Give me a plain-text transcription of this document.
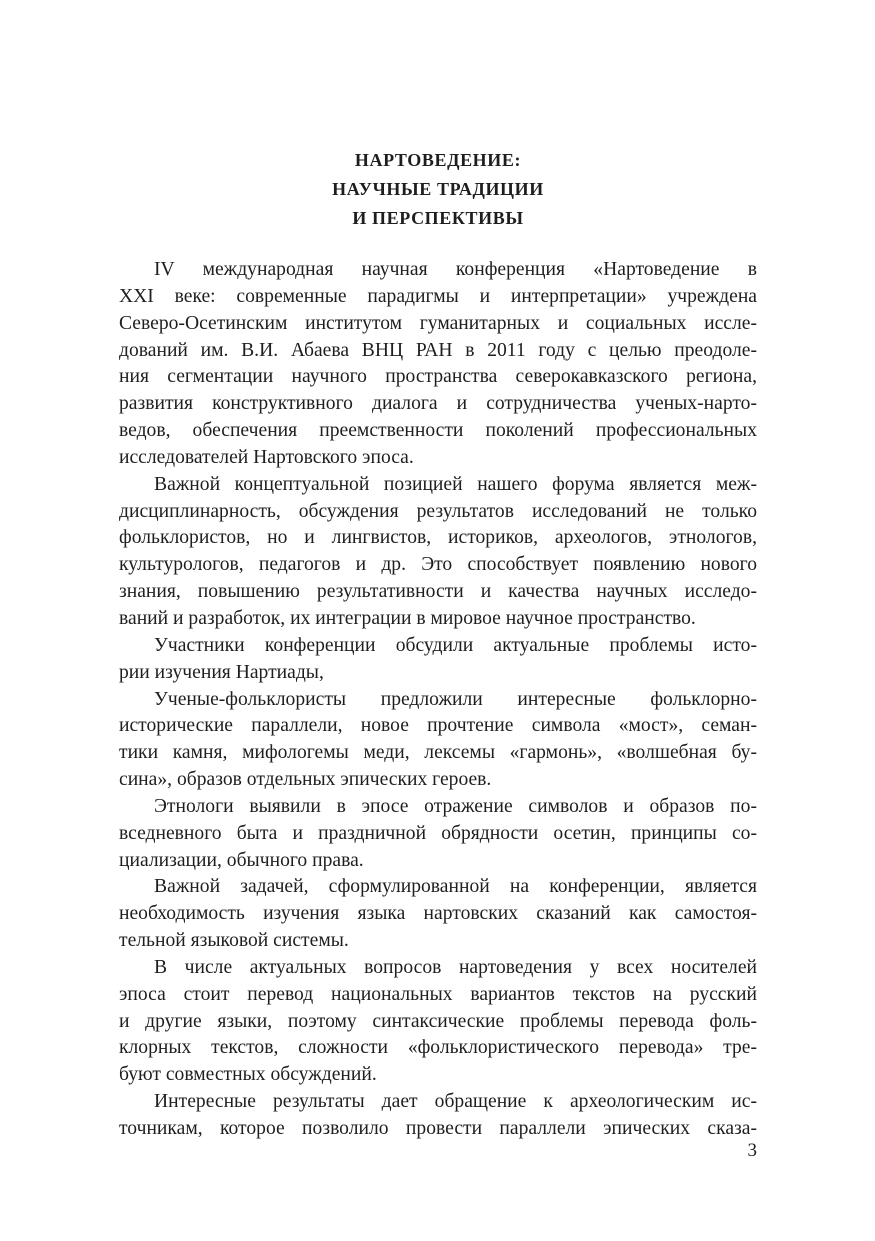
НАРТОВЕДЕНИЕ:
НАУЧНЫЕ ТРАДИЦИИ
И ПЕРСПЕКТИВЫ

IV международная научная конференция «Нартоведение в
XXI веке: современные парадигмы и интерпретации» учреждена
Северо-Осетинским институтом гуманитарных и социальных иссле-
дований им. В.И. Абаева ВНЦ РАН в 2011 году с целью преодоле-
ния сегментации научного пространства северокавказского региона,
развития конструктивного диалога и сотрудничества ученых-нарто-
ведов, обеспечения преемственности поколений профессиональных
исследователей Нартовского эпоса.

Важной концептуальной позицией нашего форума является меж-
дисциплинарность, обсуждения результатов исследований не только
фольклористов, но и лингвистов, историков, археологов, этнологов,
культурологов, педагогов и др. Это способствует появлению нового
знания, повышению результативности и качества научных исследо-
ваний и разработок, их интеграции в мировое научное пространство.

Участники конференции обсудили актуальные проблемы исто-
рии изучения Нартиады,

Ученые-фольклористы предложили интересные фольклорно-
исторические параллели, новое прочтение символа «мост», семан-
тики камня, мифологемы меди, лексемы «гармонь», «волшебная бу-
сина», образов отдельных эпических героев.

Этнологи выявили в эпосе отражение символов и образов по-
вседневного быта и праздничной обрядности осетин, принципы со-
циализации, обычного права.

Важной задачей, сформулированной на конференции, является
необходимость изучения языка нартовских сказаний как самостоя-
тельной языковой системы.

В числе актуальных вопросов нартоведения у всех носителей
эпоса стоит перевод национальных вариантов текстов на русский
и другие языки, поэтому синтаксические проблемы перевода фоль-
клорных текстов, сложности «фольклористического перевода» тре-
буют совместных обсуждений.

Интересные результаты дает обращение к археологическим ис-
точникам, которое позволило провести параллели эпических сказа-

3
